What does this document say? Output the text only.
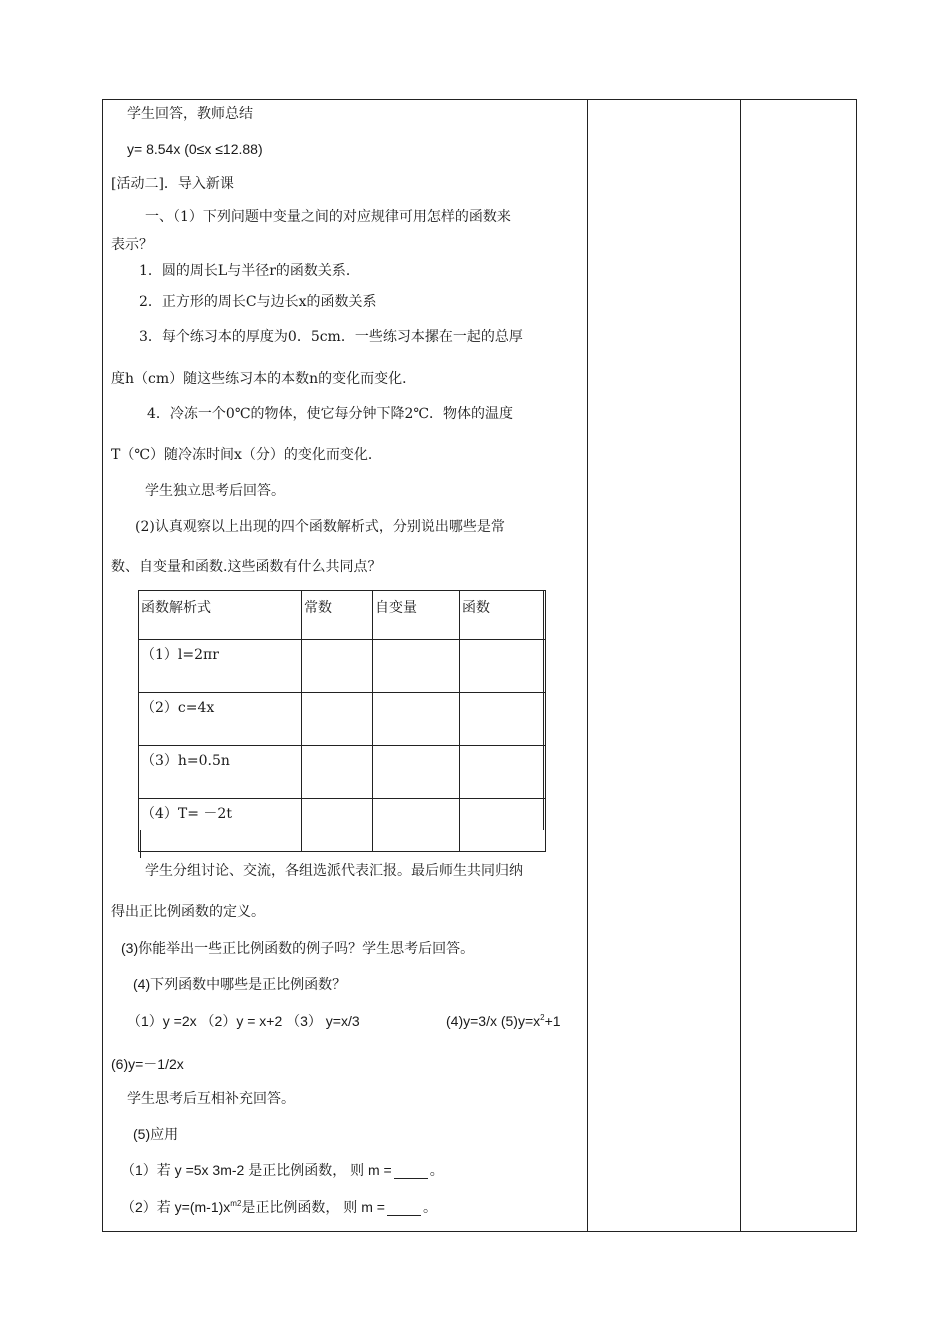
学生回答，教师总结
y= 8.54x (0≤x ≤12.88)
[活动二]．导入新课
一、（1）下列问题中变量之间的对应规律可用怎样的函数来
表示？
1．圆的周长L与半径r的函数关系．
2．正方形的周长C与边长x的函数关系
3．每个练习本的厚度为0．5cm．一些练习本摞在一起的总厚
度h（cm）随这些练习本的本数n的变化而变化．
4．冷冻一个0℃的物体，使它每分钟下降2℃．物体的温度
T（℃）随冷冻时间x（分）的变化而变化．
学生独立思考后回答。
(2)认真观察以上出现的四个函数解析式，分别说出哪些是常
数、自变量和函数.这些函数有什么共同点？
函数解析式	常数	自变量	函数
（1）l=2πr			
（2）c=4x			
（3）h=0.5n			
（4）T= －2t			
学生分组讨论、交流，各组选派代表汇报。最后师生共同归纳
得出正比例函数的定义。
(3)你能举出一些正比例函数的例子吗？学生思考后回答。
(4)下列函数中哪些是正比例函数？
（1）y =2x （2）y = x+2 （3） y=x/3	(4)y=3/x $(5)y=x^2+1$
(6)y=－1/2x
学生思考后互相补充回答。
(5)应用
（1）若 y =5x 3m-2 是正比例函数， 则 m =	。
（2）若 $y=(m-1)x^{m2}$是正比例函数， 则 m =	。
